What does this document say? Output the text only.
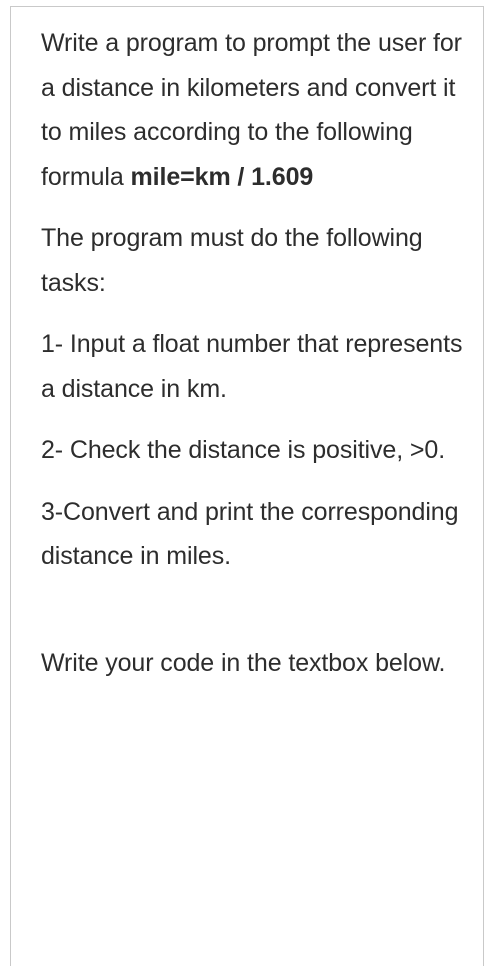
Write a program to prompt the user for a distance in kilometers and convert it to miles according to the following formula mile=km / 1.609

The program must do the following tasks:

1- Input a float number that represents a distance in km.

2- Check the distance is positive, >0.

3-Convert and print the corresponding distance in miles.

Write your code in the textbox below.
